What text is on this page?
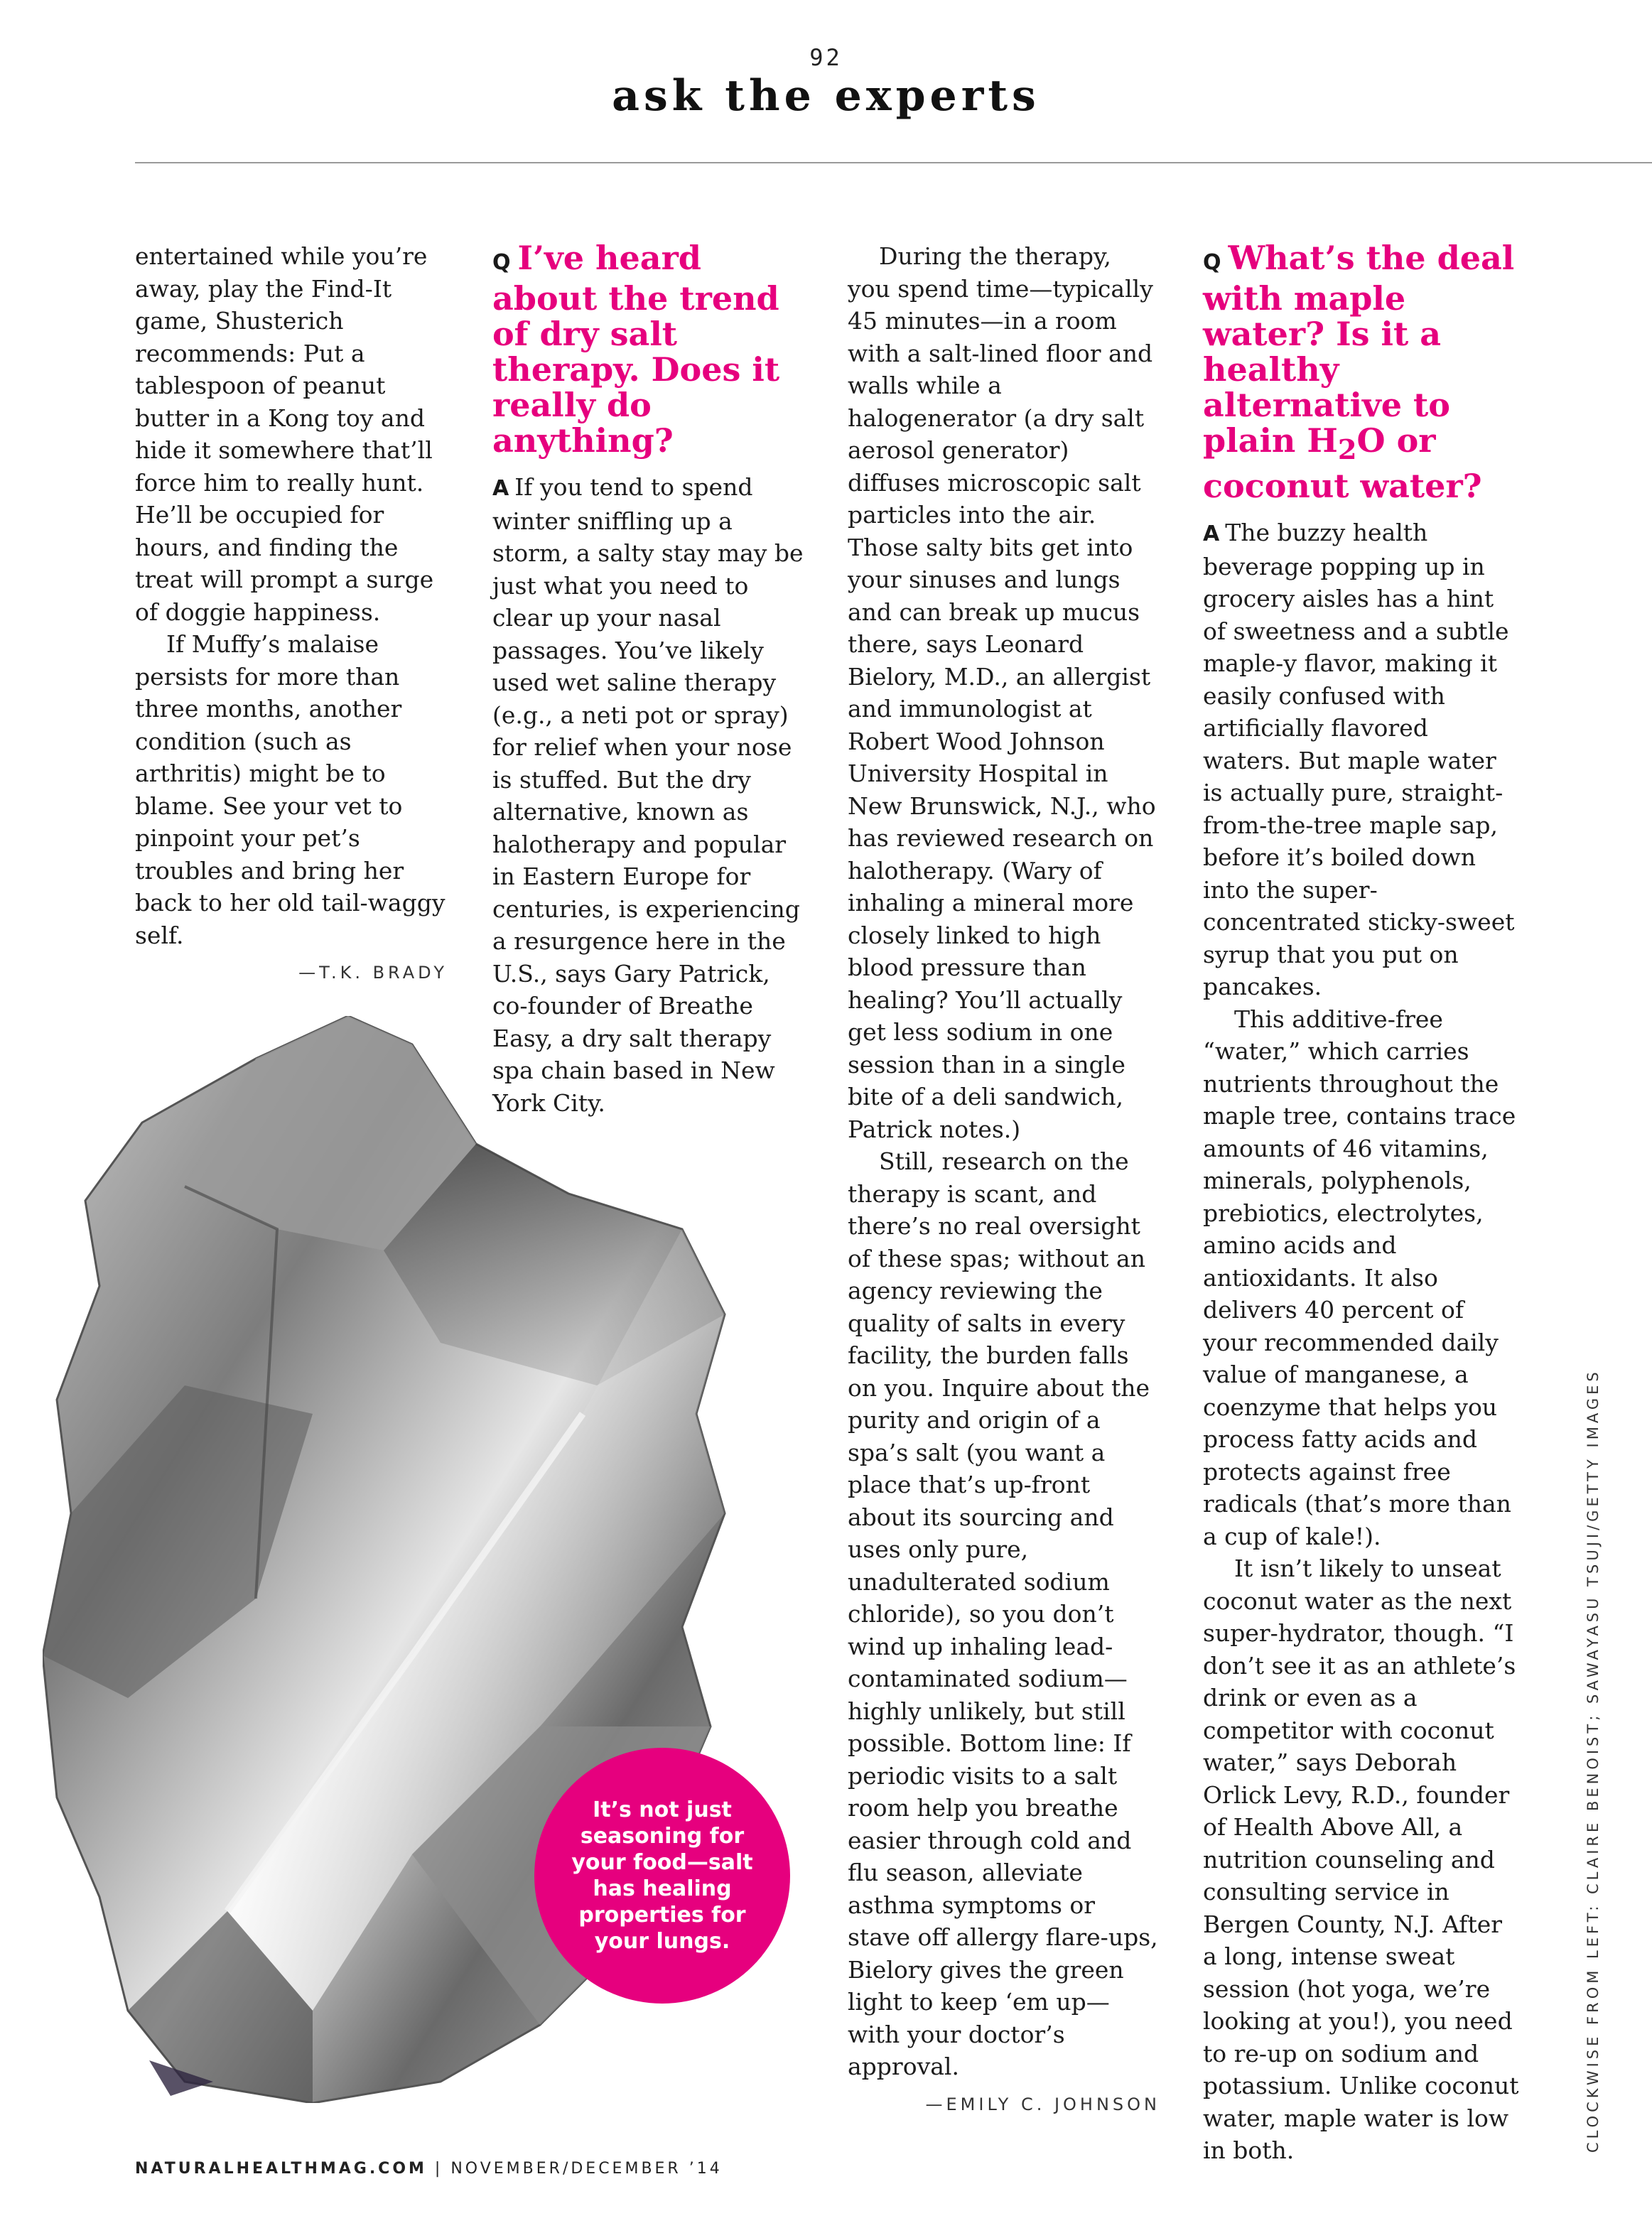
92
ask the experts

entertained while you’re away, play the Find-It game, Shusterich recommends: Put a tablespoon of peanut butter in a Kong toy and hide it somewhere that’ll force him to really hunt. He’ll be occupied for hours, and finding the treat will prompt a surge of doggie happiness.

If Muffy’s malaise persists for more than three months, another condition (such as arthritis) might be to blame. See your vet to pinpoint your pet’s troubles and bring her back to her old tail-waggy self.

—T.K. BRADY
Q I’ve heard about the trend of dry salt therapy. Does it really do anything?

A If you tend to spend winter sniffling up a storm, a salty stay may be just what you need to clear up your nasal passages. You’ve likely used wet saline therapy (e.g., a neti pot or spray) for relief when your nose is stuffed. But the dry alternative, known as halotherapy and popular in Eastern Europe for centuries, is experiencing a resurgence here in the U.S., says Gary Patrick, co-founder of Breathe Easy, a dry salt therapy spa chain based in New York City.

During the therapy, you spend time—typically 45 minutes—in a room with a salt-lined floor and walls while a halogenerator (a dry salt aerosol generator) diffuses microscopic salt particles into the air. Those salty bits get into your sinuses and lungs and can break up mucus there, says Leonard Bielory, M.D., an allergist and immunologist at Robert Wood Johnson University Hospital in New Brunswick, N.J., who has reviewed research on halotherapy. (Wary of inhaling a mineral more closely linked to high blood pressure than healing? You’ll actually get less sodium in one session than in a single bite of a deli sandwich, Patrick notes.)

Still, research on the therapy is scant, and there’s no real oversight of these spas; without an agency reviewing the quality of salts in every facility, the burden falls on you. Inquire about the purity and origin of a spa’s salt (you want a place that’s up-front about its sourcing and uses only pure, unadulterated sodium chloride), so you don’t wind up inhaling lead-contaminated sodium—highly unlikely, but still possible. Bottom line: If periodic visits to a salt room help you breathe easier through cold and flu season, alleviate asthma symptoms or stave off allergy flare-ups, Bielory gives the green light to keep ‘em up—with your doctor’s approval.

—EMILY C. JOHNSON
Q What’s the deal with maple water? Is it a healthy alternative to plain $H_2O$ or coconut water?

A The buzzy health beverage popping up in grocery aisles has a hint of sweetness and a subtle maple-y flavor, making it easily confused with artificially flavored waters. But maple water is actually pure, straight-from-the-tree maple sap, before it’s boiled down into the super-concentrated sticky-sweet syrup that you put on pancakes.

This additive-free “water,” which carries nutrients throughout the maple tree, contains trace amounts of 46 vitamins, minerals, polyphenols, prebiotics, electrolytes, amino acids and antioxidants. It also delivers 40 percent of your recommended daily value of manganese, a coenzyme that helps you process fatty acids and protects against free radicals (that’s more than a cup of kale!).

It isn’t likely to unseat coconut water as the next super-hydrator, though. “I don’t see it as an athlete’s drink or even as a competitor with coconut water,” says Deborah Orlick Levy, R.D., founder of Health Above All, a nutrition counseling and consulting service in Bergen County, N.J. After a long, intense sweat session (hot yoga, we’re looking at you!), you need to re-up on sodium and potassium. Unlike coconut water, maple water is low in both.

It’s not just seasoning for your food—salt has healing properties for your lungs.	CLOCKWISE FROM LEFT: CLAIRE BENOIST; SAWAYASU TSUJI/GETTY IMAGES
NATURALHEALTHMAG.COM | NOVEMBER/DECEMBER ’14
